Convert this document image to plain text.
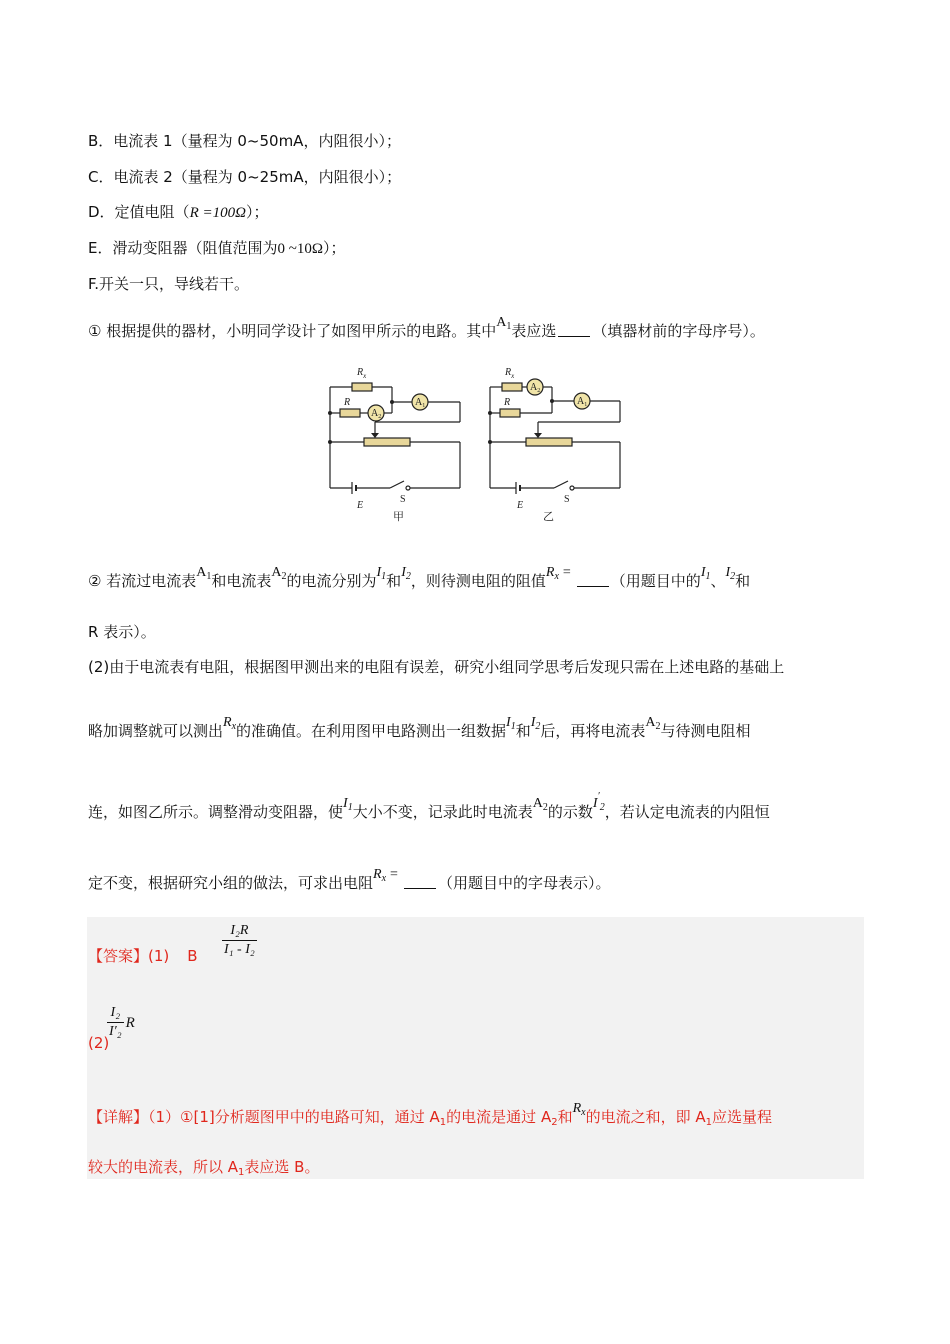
B．电流表 1（量程为 0~50mA，内阻很小）；
C．电流表 2（量程为 0~25mA，内阻很小）；
D．定值电阻（R =100Ω）；
E．滑动变阻器（阻值范围为0 ~10Ω）；
F.开关一只，导线若干。
① 根据提供的器材，小明同学设计了如图甲所示的电路。其中$A_1$表应选 （填器材前的字母序号）。
$R_x$
R
$A_2$
$A_1$
E
S
甲
$R_x$
R
$A_2$
$A_1$
E
S
乙
② 若流过电流表$A_1$和电流表$A_2$的电流分别为$I_1$和$I_2$，则待测电阻的阻值$R_x$ =	（用题目中的$I_1$、$I_2$和
R 表示）。
(2)由于电流表有电阻，根据图甲测出来的电阻有误差，研究小组同学思考后发现只需在上述电路的基础上
略加调整就可以测出$R_x$的准确值。在利用图甲电路测出一组数据$I_1$和$I_2$后，再将电流表$A_2$与待测电阻相
连，如图乙所示。调整滑动变阻器，使$I_1$大小不变，记录此时电流表$A_2$的示数$I'_2$，若认定电流表的内阻恒
定不变，根据研究小组的做法，可求出电阻$R_x$ =	（用题目中的字母表示）。
【答案】(1) B $\frac{\text{I₂R}}{\text{I₁ - I₂}}$
(2)
$\frac{\text{I₂}}{\text{I′₂}}$ R
【详解】（1）①[1]分析题图甲中的电路可知，通过 $A_1$的电流是通过 $A_2$和$R_x$的电流之和，即 $A_1$应选量程
较大的电流表，所以 $A_1$表应选 B。
